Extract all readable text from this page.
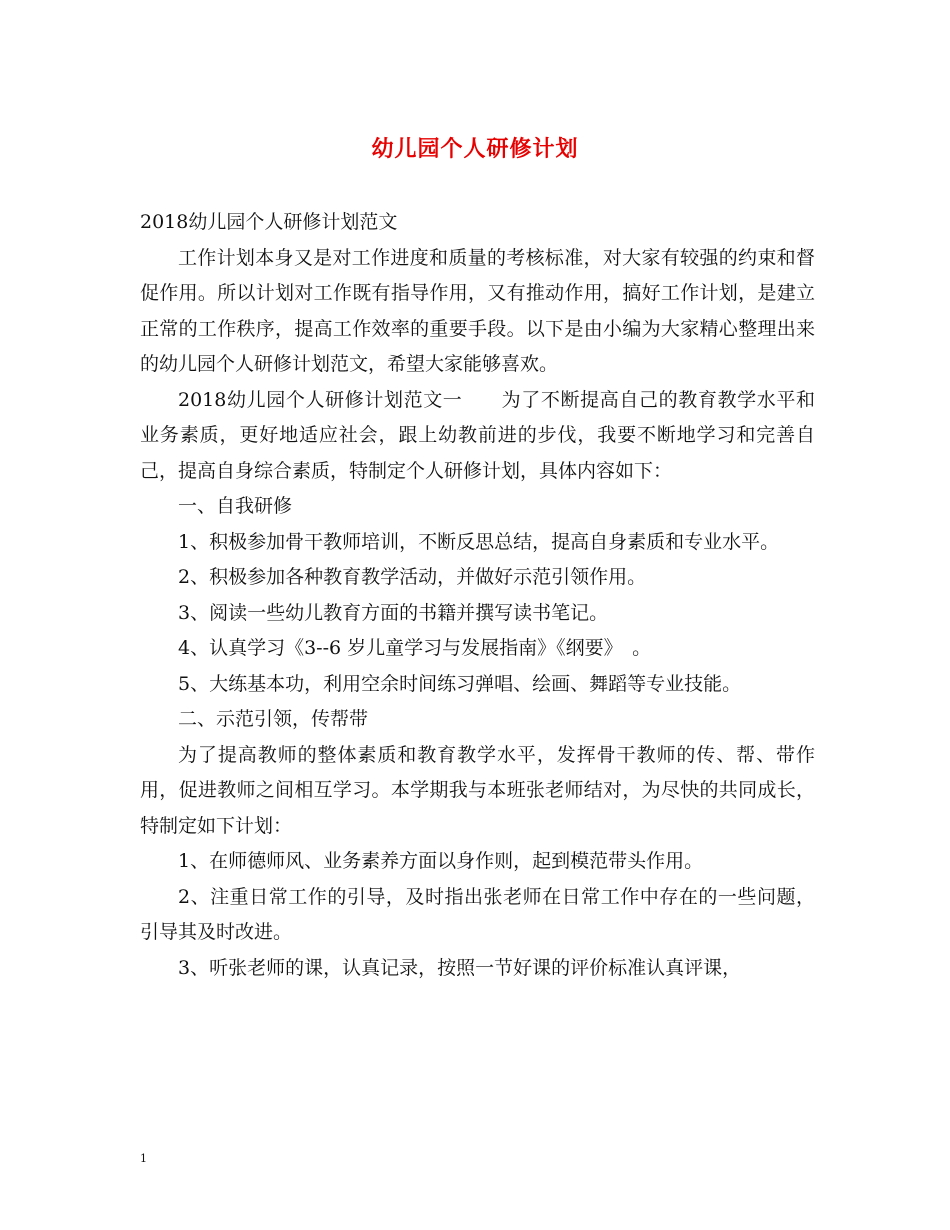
幼儿园个人研修计划

2018幼儿园个人研修计划范文

工作计划本身又是对工作进度和质量的考核标准，对大家有较强的约束和督促作用。所以计划对工作既有指导作用，又有推动作用，搞好工作计划，是建立正常的工作秩序，提高工作效率的重要手段。以下是由小编为大家精心整理出来的幼儿园个人研修计划范文，希望大家能够喜欢。

2018幼儿园个人研修计划范文一　　为了不断提高自己的教育教学水平和业务素质，更好地适应社会，跟上幼教前进的步伐，我要不断地学习和完善自己，提高自身综合素质，特制定个人研修计划，具体内容如下：

一、自我研修

1、积极参加骨干教师培训，不断反思总结，提高自身素质和专业水平。

2、积极参加各种教育教学活动，并做好示范引领作用。

3、阅读一些幼儿教育方面的书籍并撰写读书笔记。

4、认真学习《3--6 岁儿童学习与发展指南》《纲要》　。

5、大练基本功，利用空余时间练习弹唱、绘画、舞蹈等专业技能。

二、示范引领，传帮带

为了提高教师的整体素质和教育教学水平，发挥骨干教师的传、帮、带作用，促进教师之间相互学习。本学期我与本班张老师结对，为尽快的共同成长，特制定如下计划：

1、在师德师风、业务素养方面以身作则，起到模范带头作用。

2、注重日常工作的引导，及时指出张老师在日常工作中存在的一些问题，引导其及时改进。

3、听张老师的课，认真记录，按照一节好课的评价标准认真评课，

1
